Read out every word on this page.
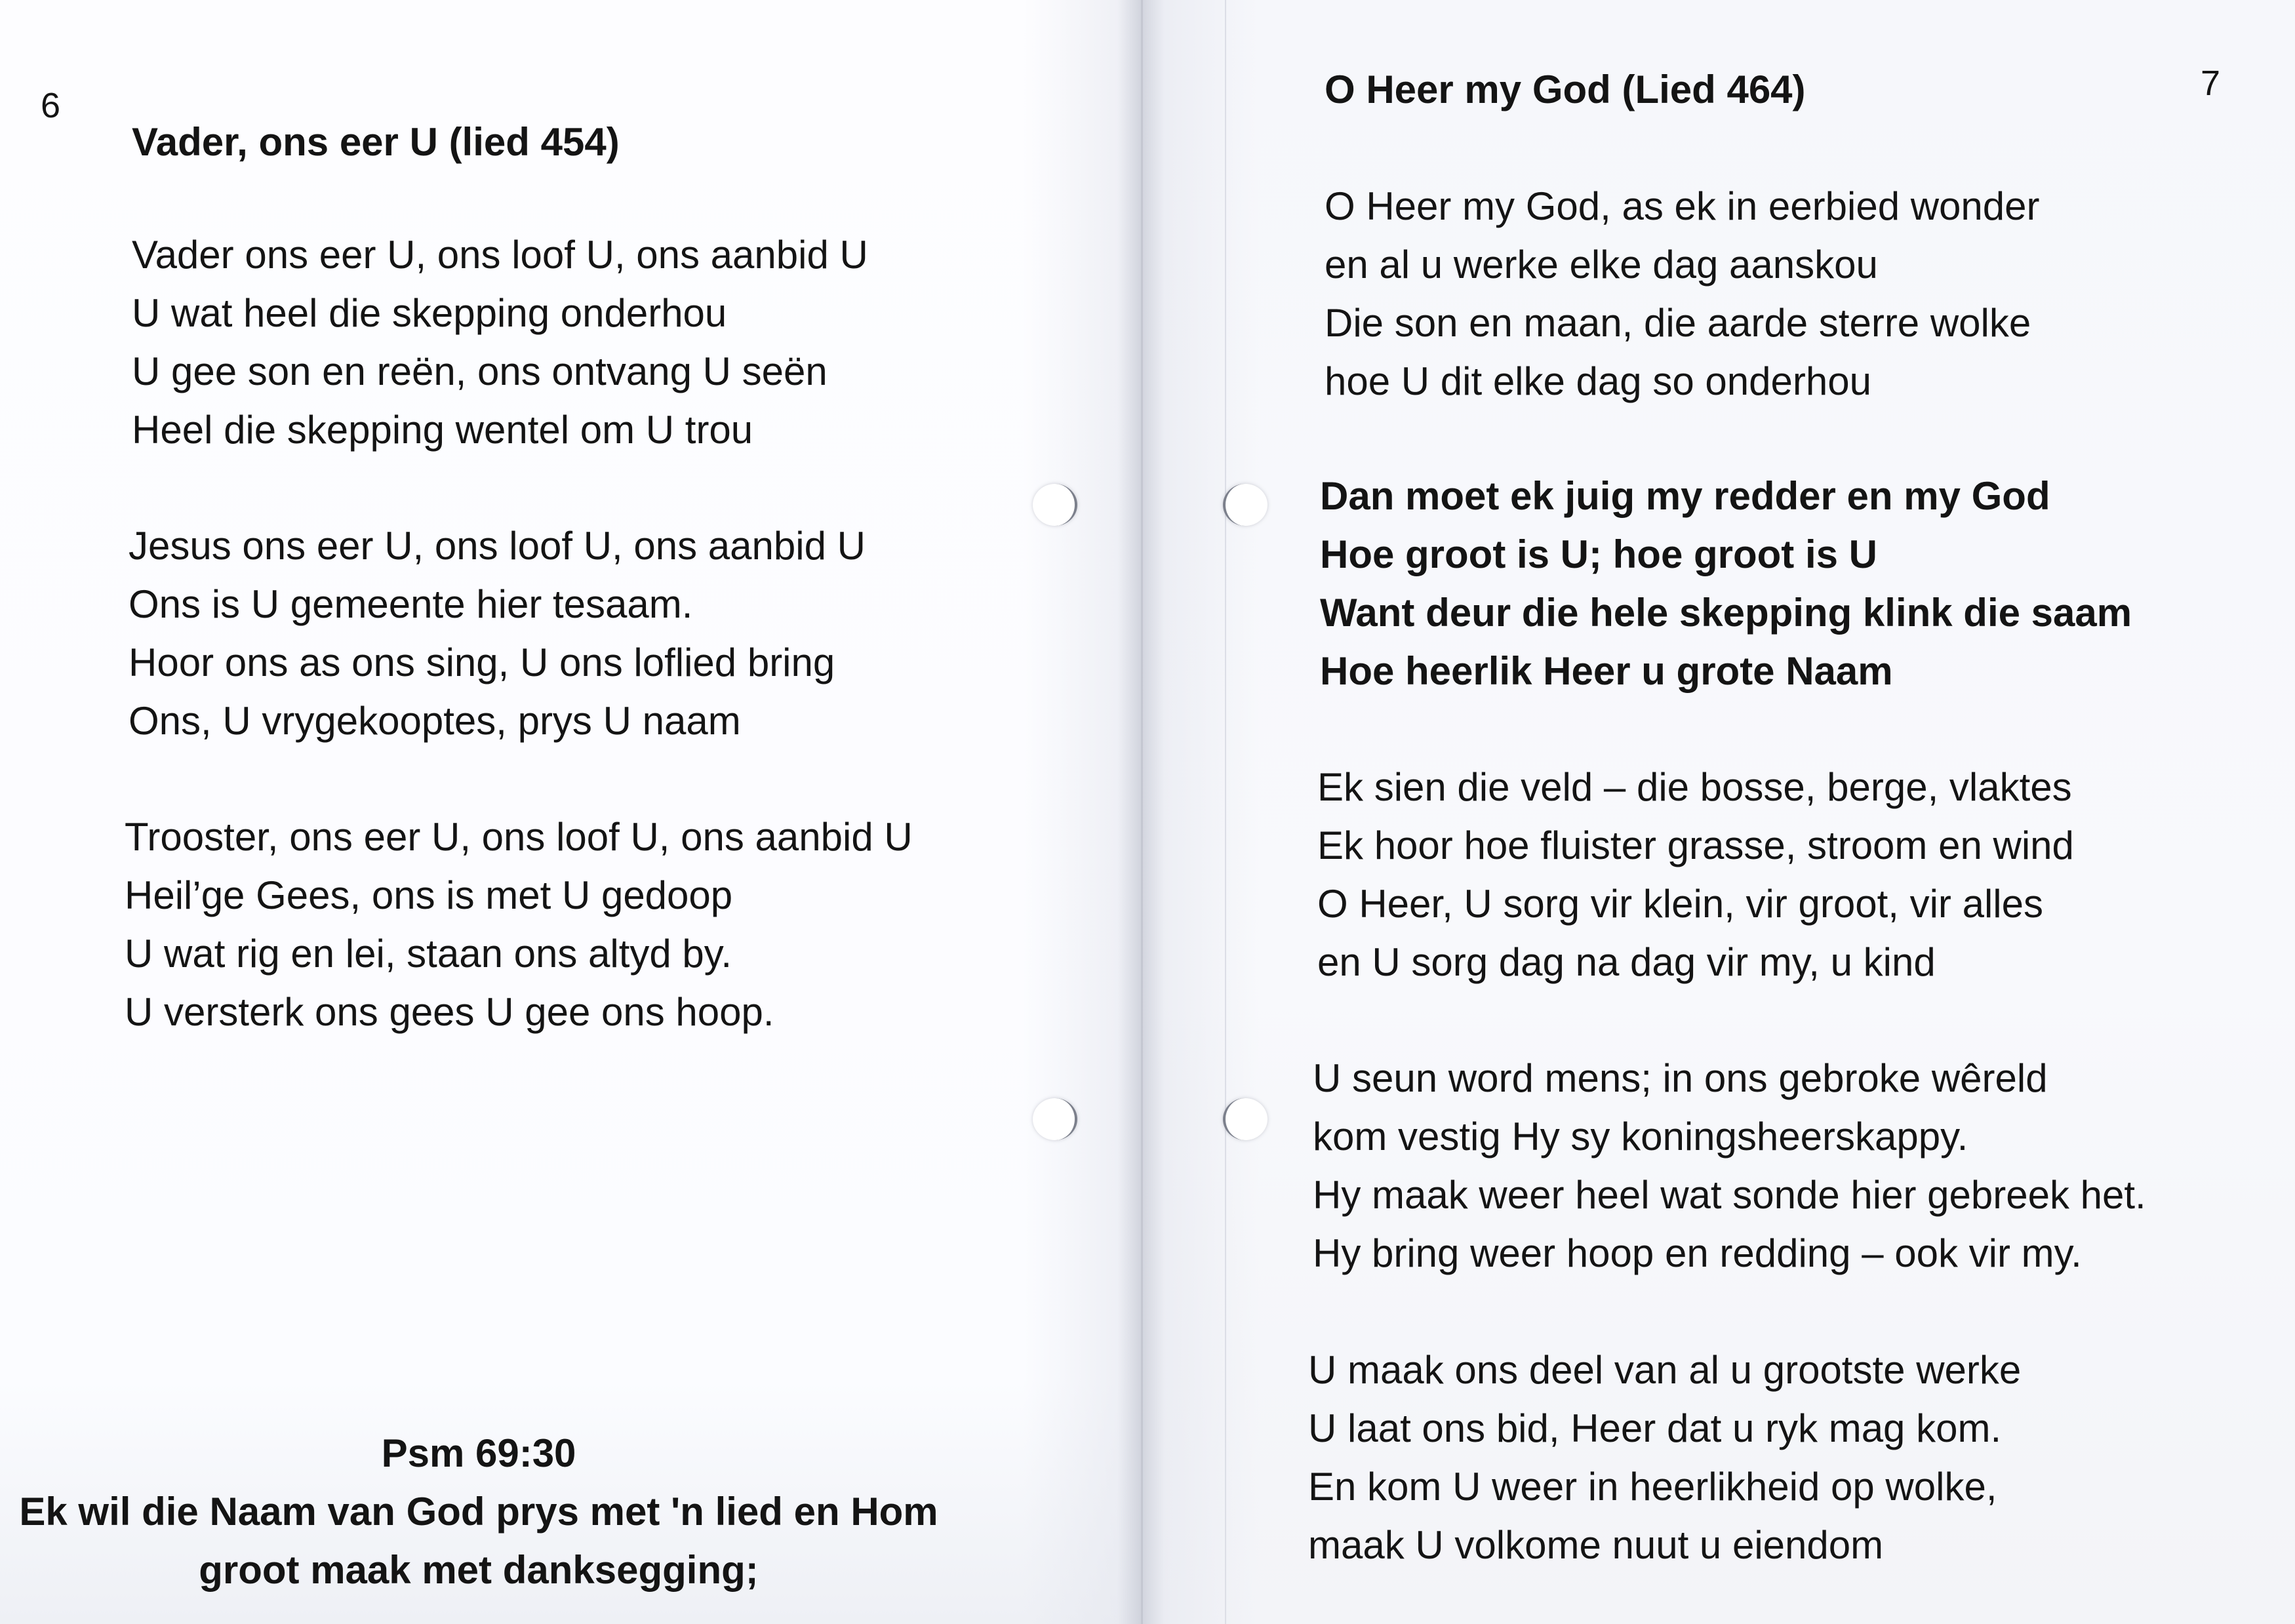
6
Vader, ons eer U (lied 454)
Vader ons eer U, ons loof U, ons aanbid U
U wat heel die skepping onderhou
U gee son en reën, ons ontvang U seën
Heel die skepping wentel om U trou
Jesus ons eer U, ons loof U, ons aanbid U
Ons is U gemeente hier tesaam.
Hoor ons as ons sing, U ons loflied bring
Ons, U vrygekooptes, prys U naam
Trooster, ons eer U, ons loof U, ons aanbid U
Heil’ge Gees, ons is met U gedoop
U wat rig en lei, staan ons altyd by.
U versterk ons gees U gee ons hoop.
Psm 69:30
Ek wil die Naam van God prys met 'n lied en Hom
groot maak met danksegging;
7
O Heer my God (Lied 464)
O Heer my God, as ek in eerbied wonder
en al u werke elke dag aanskou
Die son en maan, die aarde sterre wolke
hoe U dit elke dag so onderhou
Dan moet ek juig my redder en my God
Hoe groot is U; hoe groot is U
Want deur die hele skepping klink die saam
Hoe heerlik Heer u grote Naam
Ek sien die veld – die bosse, berge, vlaktes
Ek hoor hoe fluister grasse, stroom en wind
O Heer, U sorg vir klein, vir groot, vir alles
en U sorg dag na dag vir my, u kind
U seun word mens; in ons gebroke wêreld
kom vestig Hy sy koningsheerskappy.
Hy maak weer heel wat sonde hier gebreek het.
Hy bring weer hoop en redding – ook vir my.
U maak ons deel van al u grootste werke
U laat ons bid, Heer dat u ryk mag kom.
En kom U weer in heerlikheid op wolke,
maak U volkome nuut u eiendom
